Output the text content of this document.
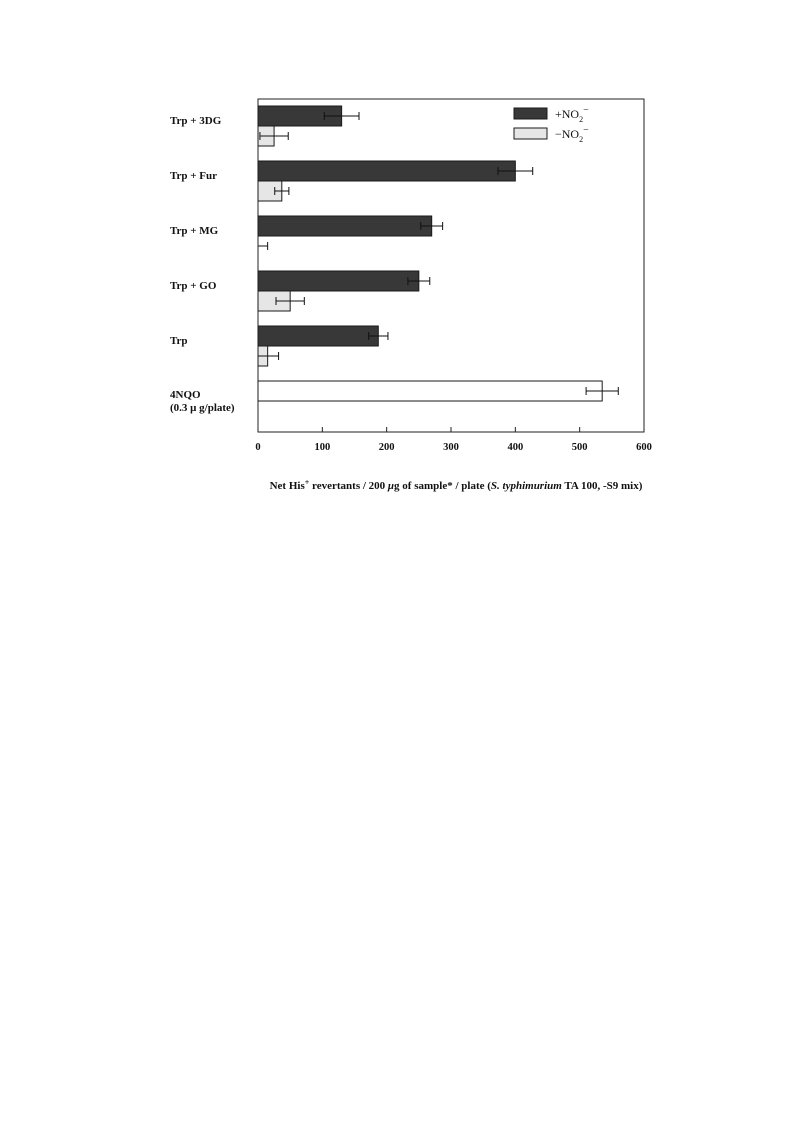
Trp + 3DG
Trp + Fur
Trp + MG
Trp + GO
Trp
4NQO
(0.3 μ g/plate)
0	100	200	300	400	500	600
$+NO_2^-$
$-NO_2^-$
Net His+ revertants / 200 μg of sample* / plate (S. typhimurium TA 100, -S9 mix)
